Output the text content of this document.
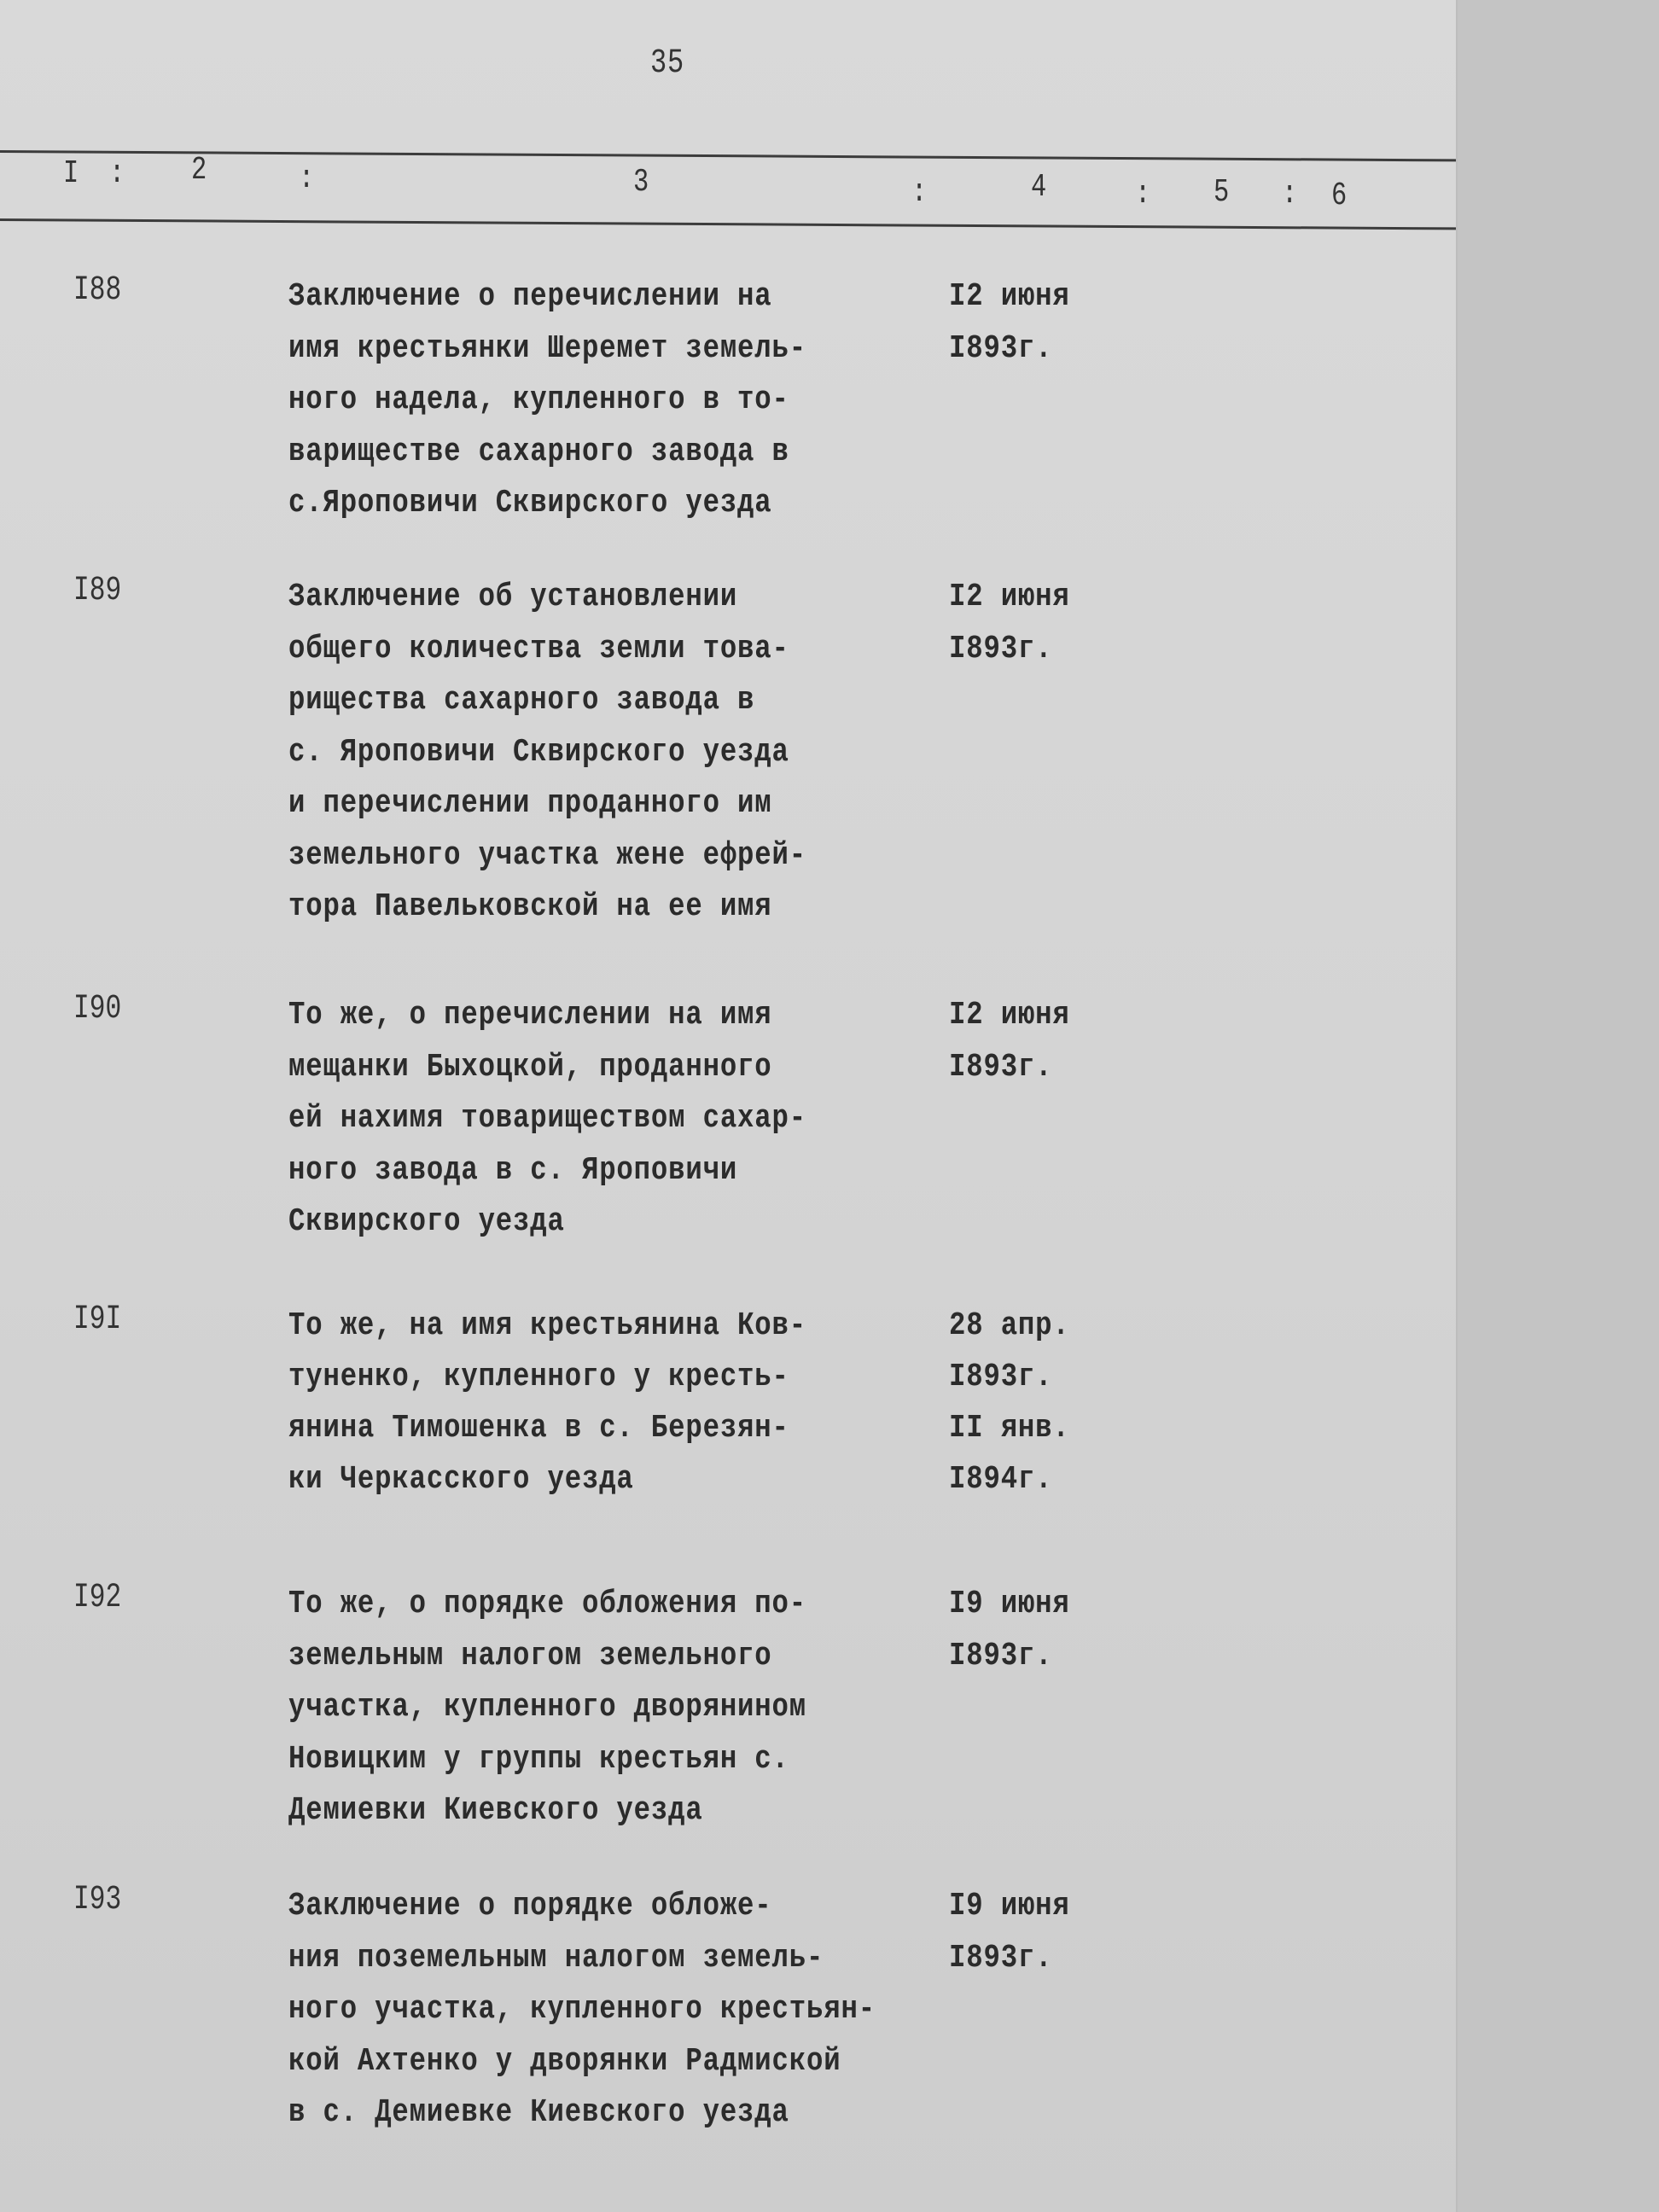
35
I : 2	:	3	:	4	: 5 : 6
I88	Заключение о перечислении на
имя крестьянки Шеремет земель-
ного надела, купленного в то-
вариществе сахарного завода в
с.Яроповичи Сквирского уезда
I2 июня
I893г.
I89	Заключение об установлении
общего количества земли това-
рищества сахарного завода в
с. Яроповичи Сквирского уезда
и перечислении проданного им
земельного участка жене ефрей-
тора Павельковской на ее имя
I2 июня
I893г.
I90	То же, о перечислении на имя
мещанки Быхоцкой, проданного
ей нахимя товариществом сахар-
ного завода в с. Яроповичи
Сквирского уезда
I2 июня
I893г.
I9I	То же, на имя крестьянина Ков-
туненко, купленного у кресть-
янина Тимошенка в с. Березян-
ки Черкасского уезда
28 апр.
I893г.
II янв.
I894г.
I92	То же, о порядке обложения по-
земельным налогом земельного
участка, купленного дворянином
Новицким у группы крестьян с.
Демиевки Киевского уезда
I9 июня
I893г.
I93	Заключение о порядке обложе-
ния поземельным налогом земель-
ного участка, купленного крестьян-
кой Ахтенко у дворянки Радмиской
в с. Демиевке Киевского уезда
I9 июня
I893г.
